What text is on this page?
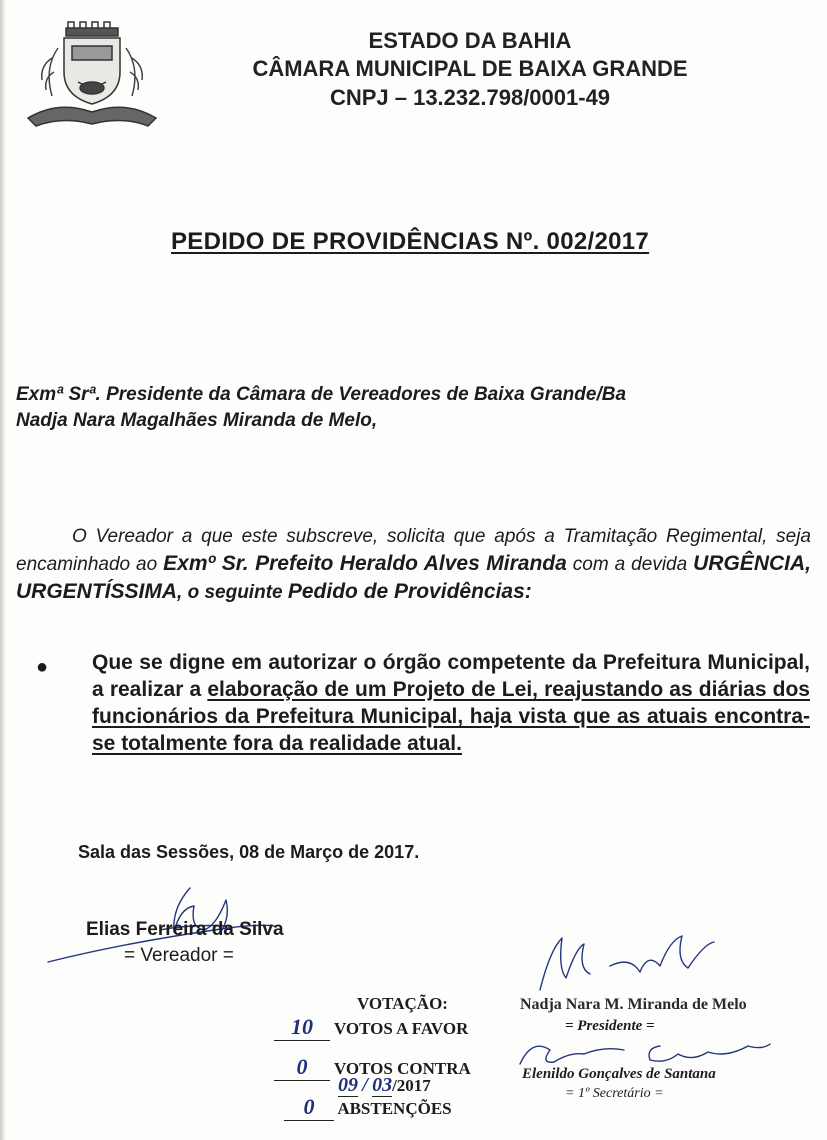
ESTADO DA BAHIA
CÂMARA MUNICIPAL DE BAIXA GRANDE
CNPJ – 13.232.798/0001-49
PEDIDO DE PROVIDÊNCIAS Nº. 002/2017
Exmª Srª. Presidente da Câmara de Vereadores de Baixa Grande/Ba
Nadja Nara Magalhães Miranda de Melo,
O Vereador a que este subscreve, solicita que após a Tramitação Regimental, seja encaminhado ao Exmº Sr. Prefeito Heraldo Alves Miranda com a devida URGÊNCIA, URGENTÍSSIMA, o seguinte Pedido de Providências:
● Que se digne em autorizar o órgão competente da Prefeitura Municipal, a realizar a elaboração de um Projeto de Lei, reajustando as diárias dos funcionários da Prefeitura Municipal, haja vista que as atuais encontra-se totalmente fora da realidade atual.
Sala das Sessões, 08 de Março de 2017.
Elias Ferreira da Silva
= Vereador =
VOTAÇÃO:
10 VOTOS A FAVOR
0 VOTOS CONTRA
09 / 03/2017
0 ABSTENÇÕES
Nadja Nara M. Miranda de Melo
= Presidente =
Elenildo Gonçalves de Santana
= 1º Secretário =
